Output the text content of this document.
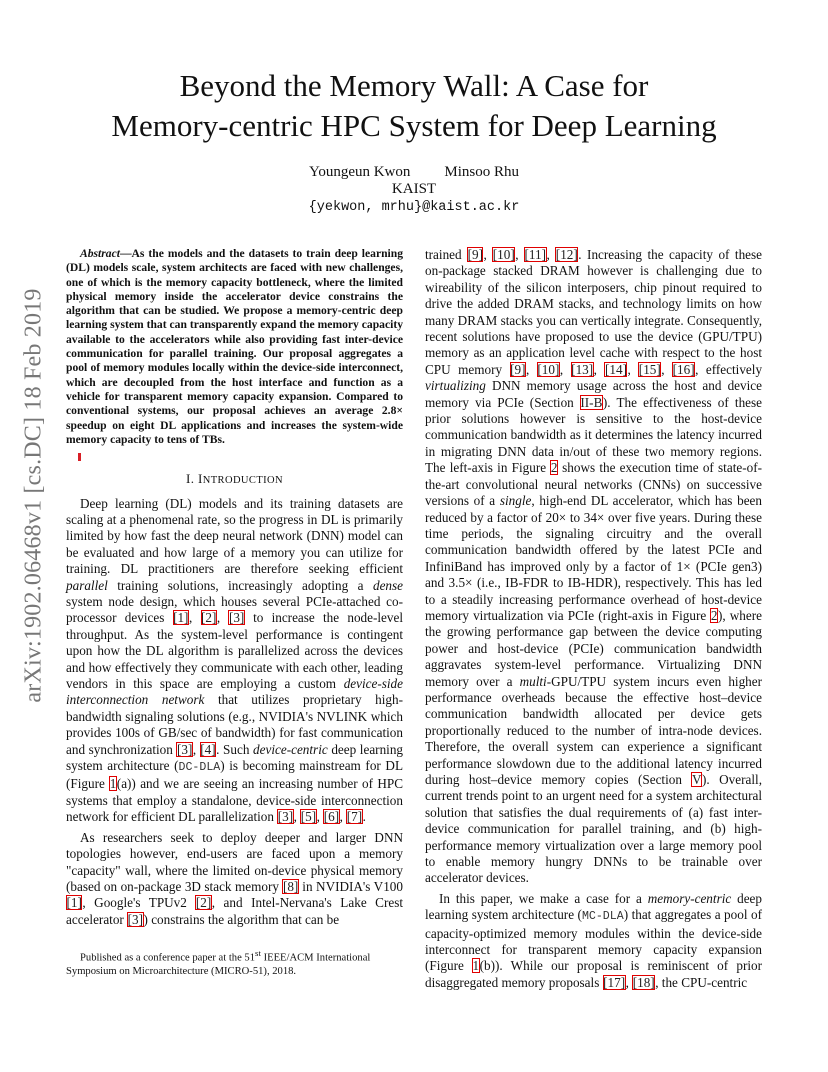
arXiv:1902.06468v1 [cs.DC] 18 Feb 2019
Beyond the Memory Wall: A Case for
Memory-centric HPC System for Deep Learning
Youngeun Kwon Minsoo Rhu
KAIST
{yekwon, mrhu}@kaist.ac.kr

Abstract—As the models and the datasets to train deep learning (DL) models scale, system architects are faced with new challenges, one of which is the memory capacity bottleneck, where the limited physical memory inside the accelerator device constrains the algorithm that can be studied. We propose a memory-centric deep learning system that can transparently expand the memory capacity available to the accelerators while also providing fast inter-device communication for parallel training. Our proposal aggregates a pool of memory modules locally within the device-side interconnect, which are decoupled from the host interface and function as a vehicle for transparent memory capacity expansion. Compared to conventional systems, our proposal achieves an average 2.8× speedup on eight DL applications and increases the system-wide memory capacity to tens of TBs.

I. INTRODUCTION

Deep learning (DL) models and its training datasets are scaling at a phenomenal rate, so the progress in DL is primarily limited by how fast the deep neural network (DNN) model can be evaluated and how large of a memory you can utilize for training. DL practitioners are therefore seeking efficient parallel training solutions, increasingly adopting a dense system node design, which houses several PCIe-attached co-processor devices [1], [2], [3] to increase the node-level throughput. As the system-level performance is contingent upon how the DL algorithm is parallelized across the devices and how effectively they communicate with each other, leading vendors in this space are employing a custom device-side interconnection network that utilizes proprietary high-bandwidth signaling solutions (e.g., NVIDIA's NVLINK which provides 100s of GB/sec of bandwidth) for fast communication and synchronization [3], [4]. Such device-centric deep learning system architecture (DC-DLA) is becoming mainstream for DL (Figure 1(a)) and we are seeing an increasing number of HPC systems that employ a standalone, device-side interconnection network for efficient DL parallelization [3], [5], [6], [7].

As researchers seek to deploy deeper and larger DNN topologies however, end-users are faced upon a memory "capacity" wall, where the limited on-device physical memory (based on on-package 3D stack memory [8] in NVIDIA's V100 [1], Google's TPUv2 [2], and Intel-Nervana's Lake Crest accelerator [3]) constrains the algorithm that can be

Published as a conference paper at the 51st IEEE/ACM International Symposium on Microarchitecture (MICRO-51), 2018.

trained [9], [10], [11], [12]. Increasing the capacity of these on-package stacked DRAM however is challenging due to wireability of the silicon interposers, chip pinout required to drive the added DRAM stacks, and technology limits on how many DRAM stacks you can vertically integrate. Consequently, recent solutions have proposed to use the device (GPU/TPU) memory as an application level cache with respect to the host CPU memory [9], [10], [13], [14], [15], [16], effectively virtualizing DNN memory usage across the host and device memory via PCIe (Section II-B). The effectiveness of these prior solutions however is sensitive to the host-device communication bandwidth as it determines the latency incurred in migrating DNN data in/out of these two memory regions. The left-axis in Figure 2 shows the execution time of state-of-the-art convolutional neural networks (CNNs) on successive versions of a single, high-end DL accelerator, which has been reduced by a factor of 20× to 34× over five years. During these time periods, the signaling circuitry and the overall communication bandwidth offered by the latest PCIe and InfiniBand has improved only by a factor of 1× (PCIe gen3) and 3.5× (i.e., IB-FDR to IB-HDR), respectively. This has led to a steadily increasing performance overhead of host-device memory virtualization via PCIe (right-axis in Figure 2), where the growing performance gap between the device computing power and host-device (PCIe) communication bandwidth aggravates system-level performance. Virtualizing DNN memory over a multi-GPU/TPU system incurs even higher performance overheads because the effective host–device communication bandwidth allocated per device gets proportionally reduced to the number of intra-node devices. Therefore, the overall system can experience a significant performance slowdown due to the additional latency incurred during host–device memory copies (Section V). Overall, current trends point to an urgent need for a system architectural solution that satisfies the dual requirements of (a) fast inter-device communication for parallel training, and (b) high-performance memory virtualization over a large memory pool to enable memory hungry DNNs to be trainable over accelerator devices.

In this paper, we make a case for a memory-centric deep learning system architecture (MC-DLA) that aggregates a pool of capacity-optimized memory modules within the device-side interconnect for transparent memory capacity expansion (Figure 1(b)). While our proposal is reminiscent of prior disaggregated memory proposals [17], [18], the CPU-centric
